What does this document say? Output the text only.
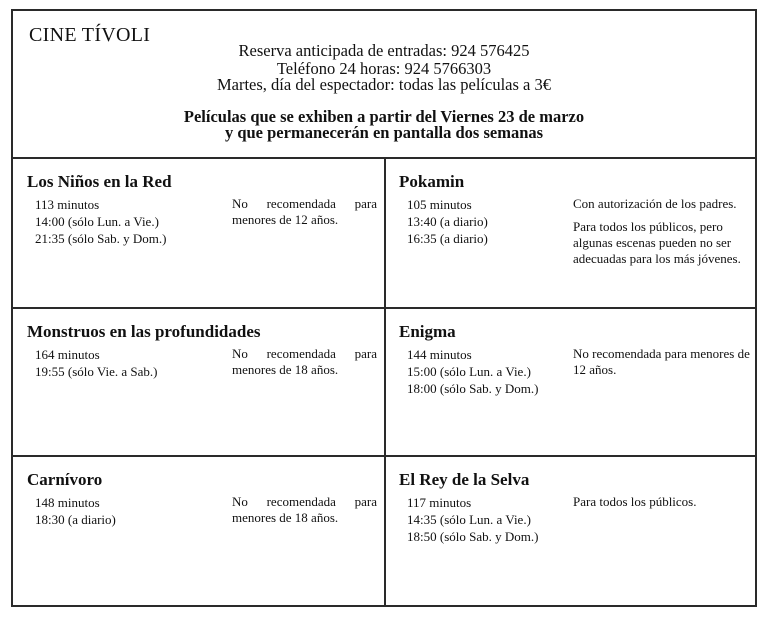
CINE TÍVOLI
Reserva anticipada de entradas: 924 576425
Teléfono 24 horas: 924 5766303
Martes, día del espectador: todas las películas a 3€
Películas que se exhiben a partir del Viernes 23 de marzo
y que permanecerán en pantalla dos semanas
Los Niños en la Red
113 minutos
14:00 (sólo Lun. a Vie.)
21:35 (sólo Sab. y Dom.)

No recomendada para menores de 12 años.

Pokamin
105 minutos
13:40 (a diario)
16:35 (a diario)

Con autorización de los padres.

Para todos los públicos, pero algunas escenas pueden no ser adecuadas para los más jóvenes.

Monstruos en las profundidades
164 minutos
19:55 (sólo Vie. a Sab.)

No recomendada para menores de 18 años.

Enigma
144 minutos
15:00 (sólo Lun. a Vie.)
18:00 (sólo Sab. y Dom.)

No recomendada para menores de 12 años.

Carnívoro
148 minutos
18:30 (a diario)

No recomendada para menores de 18 años.

El Rey de la Selva
117 minutos
14:35 (sólo Lun. a Vie.)
18:50 (sólo Sab. y Dom.)

Para todos los públicos.
